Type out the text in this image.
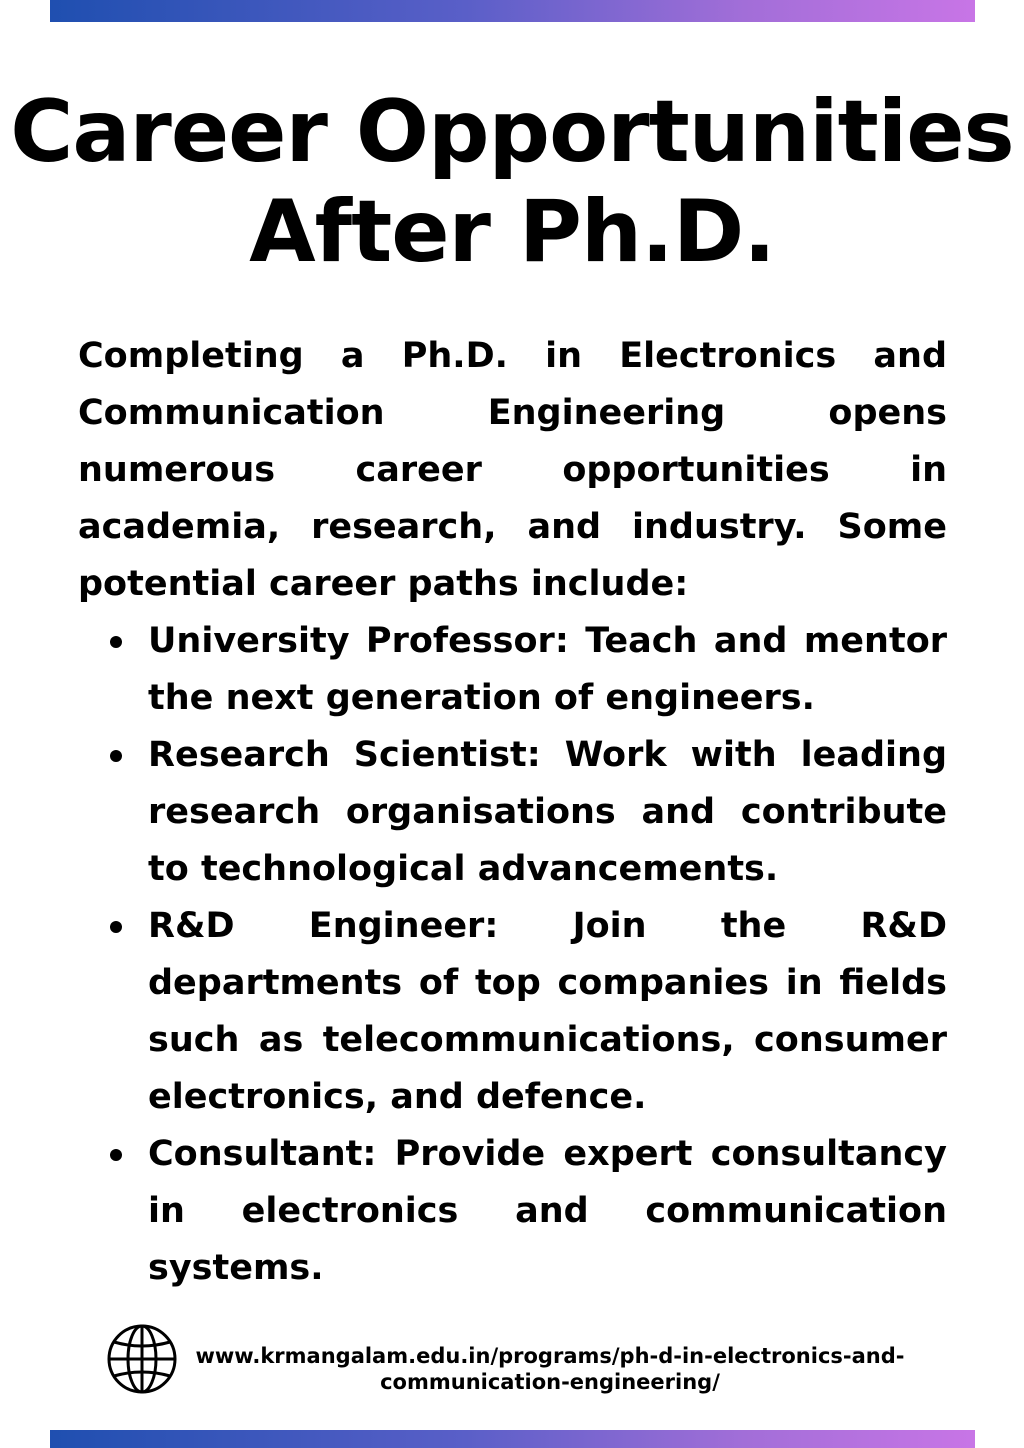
Career Opportunities
After Ph.D.

Completing a Ph.D. in Electronics and Communication Engineering opens numerous career opportunities in academia, research, and industry. Some potential career paths include:

University Professor: Teach and mentor the next generation of engineers.
Research Scientist: Work with leading research organisations and contribute to technological advancements.
R&D Engineer: Join the R&D departments of top companies in fields such as telecommunications, consumer electronics, and defence.
Consultant: Provide expert consultancy in electronics and communication systems.
www.krmangalam.edu.in/programs/ph-d-in-electronics-and-
communication-engineering/
